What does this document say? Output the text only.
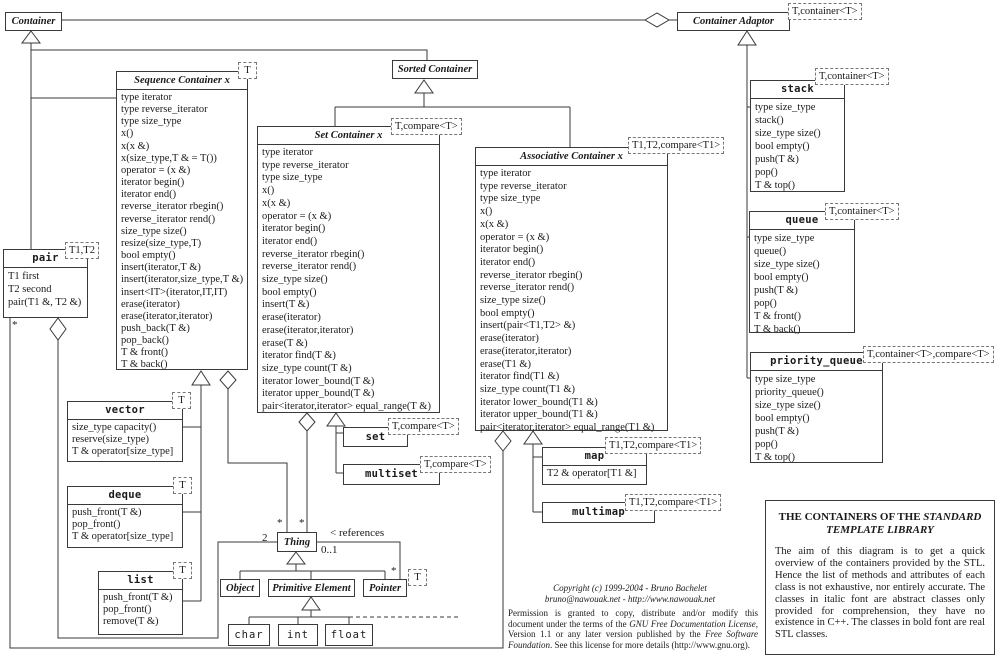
Container	Container Adaptor
T,container<T>
Sorted Container
Sequence Container x
type iterator
type reverse_iterator
type size_type
x()
x(x &)
x(size_type,T & = T())
operator = (x &)
iterator begin()
iterator end()
reverse_iterator rbegin()
reverse_iterator rend()
size_type size()
resize(size_type,T)
bool empty()
insert(iterator,T &)
insert(iterator,size_type,T &)
insert<IT>(iterator,IT,IT)
erase(iterator)
erase(iterator,iterator)
push_back(T &)
pop_back()
T & front()
T & back()
T
Set Container x
type iterator
type reverse_iterator
type size_type
x()
x(x &)
operator = (x &)
iterator begin()
iterator end()
reverse_iterator rbegin()
reverse_iterator rend()
size_type size()
bool empty()
insert(T &)
erase(iterator)
erase(iterator,iterator)
erase(T &)
iterator find(T &)
size_type count(T &)
iterator lower_bound(T &)
iterator upper_bound(T &)
pair<iterator,iterator> equal_range(T &)
T,compare<T>
Associative Container x
type iterator
type reverse_iterator
type size_type
x()
x(x &)
operator = (x &)
iterator begin()
iterator end()
reverse_iterator rbegin()
reverse_iterator rend()
size_type size()
bool empty()
insert(pair<T1,T2> &)
erase(iterator)
erase(iterator,iterator)
erase(T1 &)
iterator find(T1 &)
size_type count(T1 &)
iterator lower_bound(T1 &)
iterator upper_bound(T1 &)
pair<iterator,iterator> equal_range(T1 &)
T1,T2,compare<T1>
pair
T1 first
T2 second
pair(T1 &, T2 &)
T1,T2
stack
type size_type
stack()
size_type size()
bool empty()
push(T &)
pop()
T & top()
T,container<T>
queue
type size_type
queue()
size_type size()
bool empty()
push(T &)
pop()
T & front()
T & back()
T,container<T>
priority_queue
type size_type
priority_queue()
size_type size()
bool empty()
push(T &)
pop()
T & top()
T,container<T>,compare<T>
vector
size_type capacity()
reserve(size_type)
T & operator[size_type]
T
deque
push_front(T &)
pop_front()
T & operator[size_type]
T
list
push_front(T &)
pop_front()
remove(T &)
T
set
T,compare<T>
multiset
T,compare<T>
map
T2 & operator[T1 &]
T1,T2,compare<T1>
multimap
T1,T2,compare<T1>
Thing
Object	Primitive Element	Pointer
T
char	int	float
*
* *
2
0..1
*
< references
THE CONTAINERS OF THE STANDARD TEMPLATE LIBRARY
The aim of this diagram is to get a quick overview of the containers provided by the STL. Hence the list of methods and attributes of each class is not exhaustive, nor entirely accurate. The classes in italic font are abstract classes only provided for comprehension, they have no existence in C++. The classes in bold font are real STL classes.
Copyright (c) 1999-2004 - Bruno Bachelet
bruno@nawouak.net - http://www.nawouak.net
Permission is granted to copy, distribute and/or modify this document under the terms of the GNU Free Documentation License, Version 1.1 or any later version published by the Free Software Foundation. See this license for more details (http://www.gnu.org).
